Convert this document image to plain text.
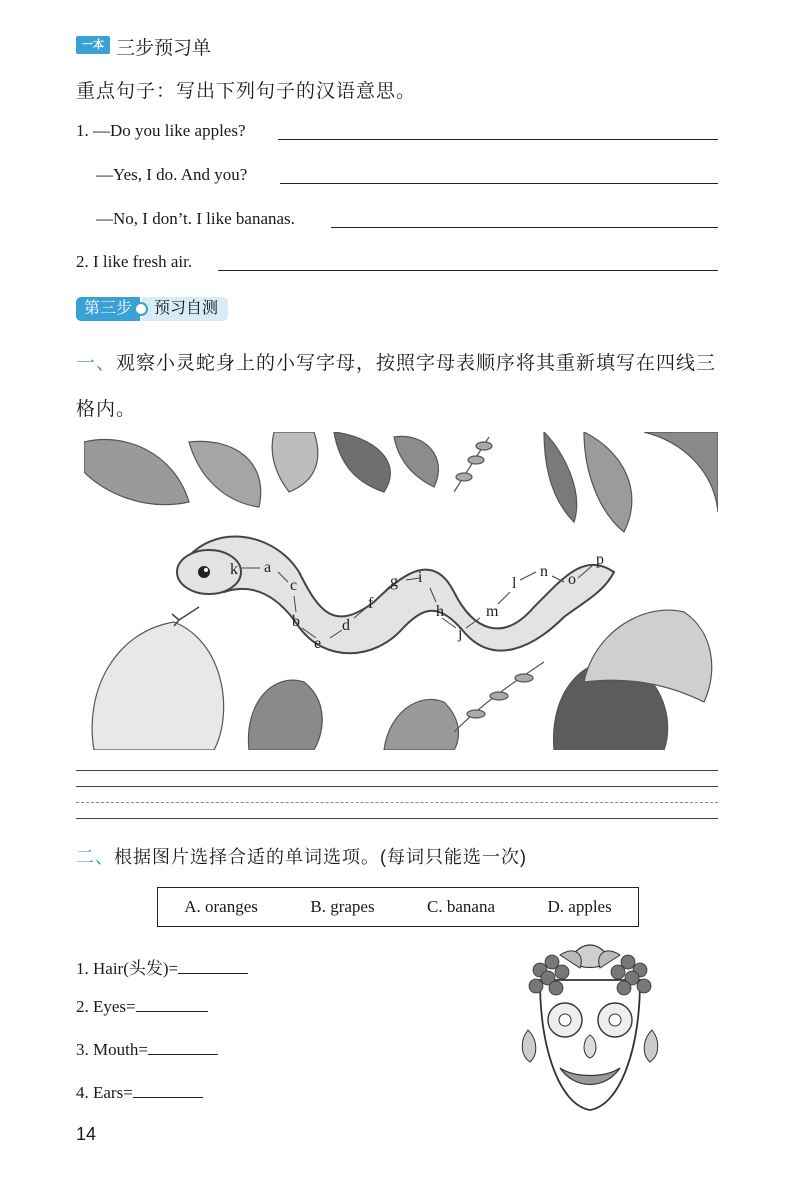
一本 三步预习单
重点句子：写出下列句子的汉语意思。
1. —Do you like apples?
—Yes, I do. And you?
—No, I don’t. I like bananas.
2. I like fresh air.
第三步	预习自测
一、观察小灵蛇身上的小写字母，按照字母表顺序将其重新填写在四线三
格内。
k a
c
b
e
d
f
g i
h
j
m
l
n o
p
二、根据图片选择合适的单词选项。(每词只能选一次)
A. oranges	B. grapes	C. banana	D. apples
1. Hair(头发)=
2. Eyes=
3. Mouth=
4. Ears=
14
